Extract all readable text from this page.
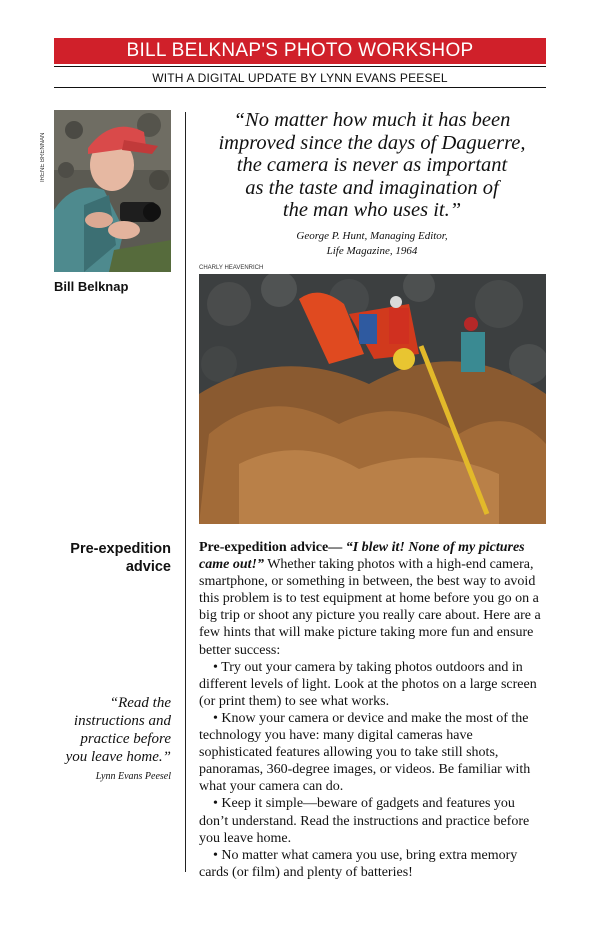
BILL BELKNAP'S PHOTO WORKSHOP
WITH A DIGITAL UPDATE BY LYNN EVANS PEESEL
IRENE BRENNAN
Bill Belknap
“No matter how much it has been
improved since the days of Daguerre,
the camera is never as important
as the taste and imagination of
the man who uses it.”
George P. Hunt, Managing Editor,
Life Magazine, 1964
CHARLY HEAVENRICH
Pre-expedition
advice
“Read the
instructions and
practice before
you leave home.”
Lynn Evans Peesel

Pre-expedition advice— “I blew it! None of my pictures came out!” Whether taking photos with a high-end camera, smartphone, or something in between, the best way to avoid this problem is to test equipment at home before you go on a big trip or shoot any picture you really care about. Here are a few hints that will make picture taking more fun and ensure better success:

• Try out your camera by taking photos outdoors and in different levels of light. Look at the photos on a large screen (or print them) to see what works.

• Know your camera or device and make the most of the technology you have: many digital cameras have sophisticated features allowing you to take still shots, panoramas, 360-degree images, or videos. Be familiar with what your camera can do.

• Keep it simple—beware of gadgets and features you don’t understand. Read the instructions and practice before you leave home.

• No matter what camera you use, bring extra memory cards (or film) and plenty of batteries!
